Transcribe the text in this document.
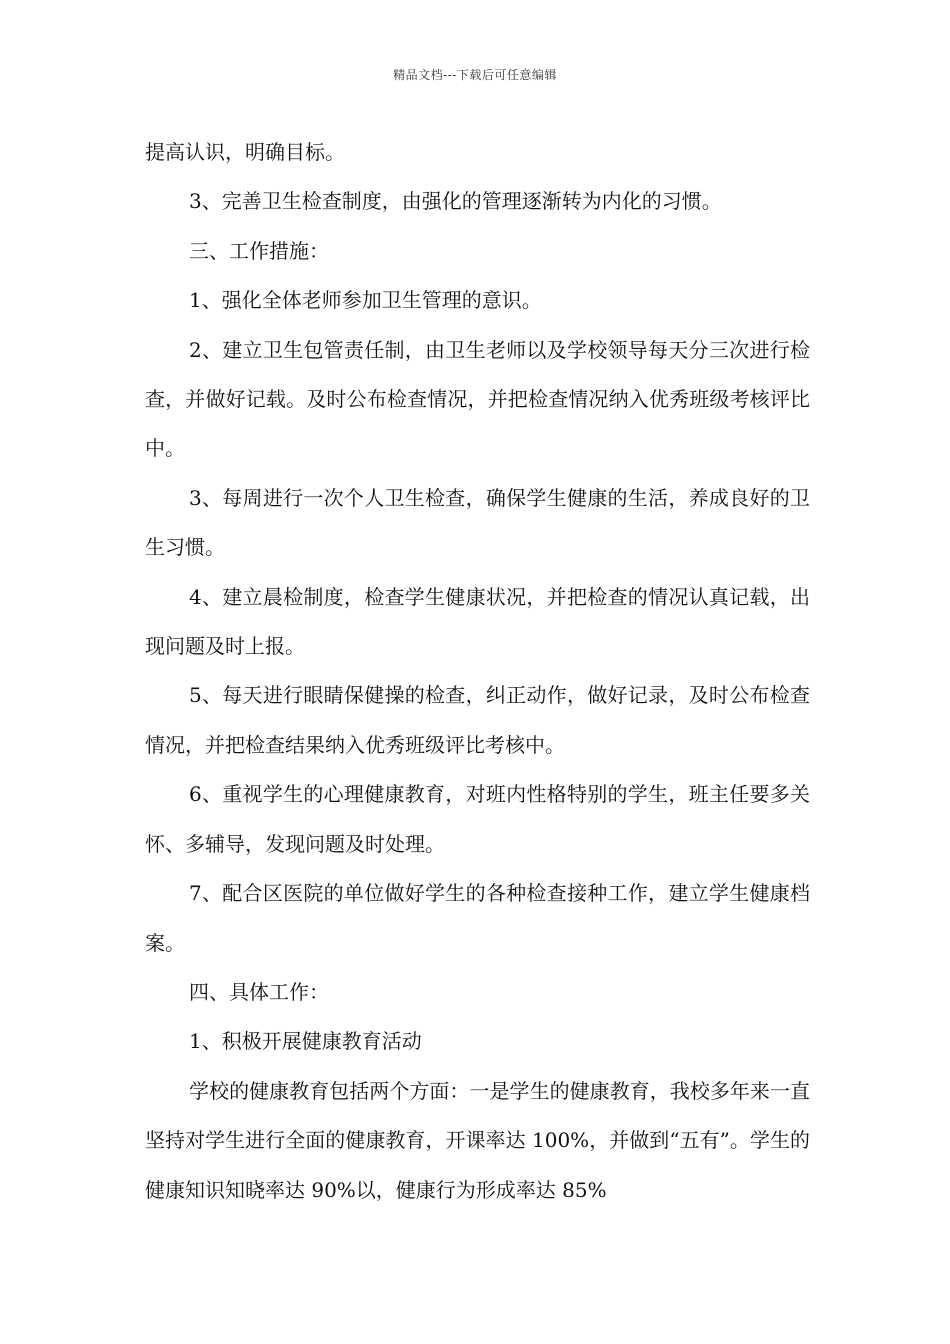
精品文档---下载后可任意编辑

提高认识，明确目标。

3、完善卫生检查制度，由强化的管理逐渐转为内化的习惯。

三、工作措施：

1、强化全体老师参加卫生管理的意识。

2、建立卫生包管责任制，由卫生老师以及学校领导每天分三次进行检查，并做好记载。及时公布检查情况，并把检查情况纳入优秀班级考核评比中。

3、每周进行一次个人卫生检查，确保学生健康的生活，养成良好的卫生习惯。

4、建立晨检制度，检查学生健康状况，并把检查的情况认真记载，出现问题及时上报。

5、每天进行眼睛保健操的检查，纠正动作，做好记录，及时公布检查情况，并把检查结果纳入优秀班级评比考核中。

6、重视学生的心理健康教育，对班内性格特别的学生，班主任要多关怀、多辅导，发现问题及时处理。

7、配合区医院的单位做好学生的各种检查接种工作，建立学生健康档案。

四、具体工作：

1、积极开展健康教育活动

学校的健康教育包括两个方面：一是学生的健康教育，我校多年来一直坚持对学生进行全面的健康教育，开课率达 100%，并做到“五有”。学生的健康知识知晓率达 90%以，健康行为形成率达 85%
